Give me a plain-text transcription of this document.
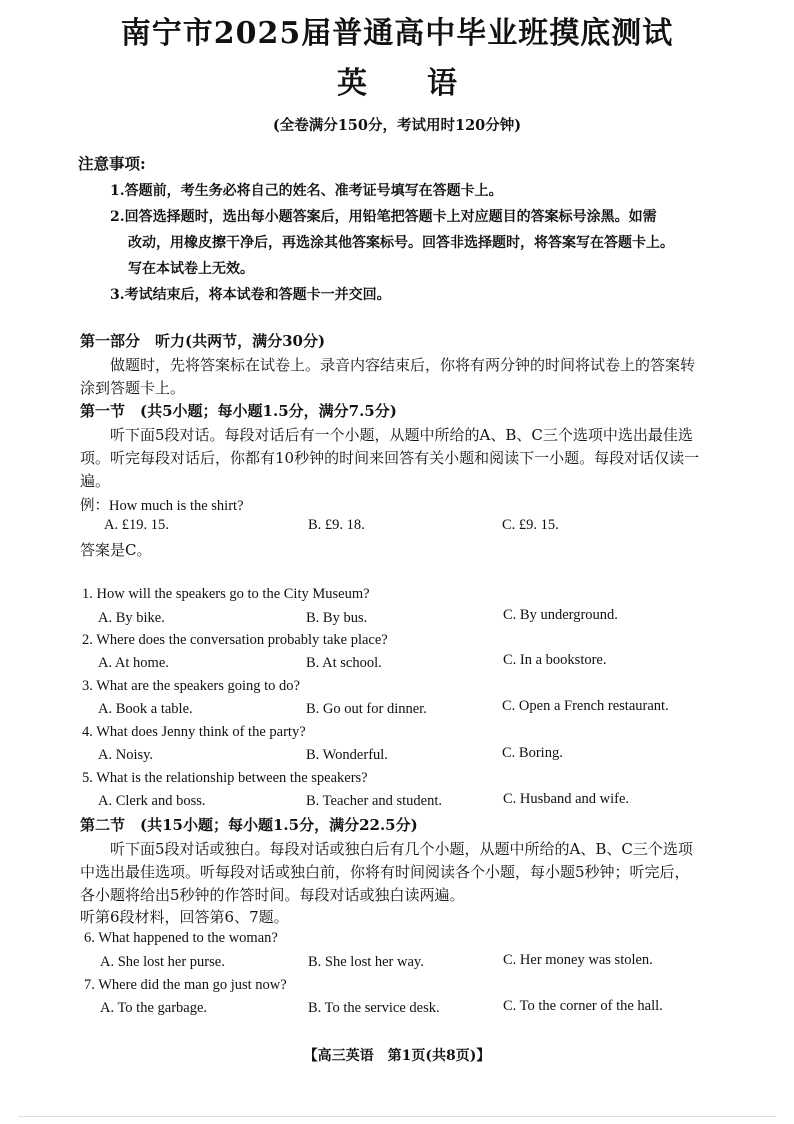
南宁市2025届普通高中毕业班摸底测试
英语
(全卷满分150分，考试用时120分钟)
注意事项:
1.答题前，考生务必将自己的姓名、准考证号填写在答题卡上。
2.回答选择题时，选出每小题答案后，用铅笔把答题卡上对应题目的答案标号涂黑。如需
改动，用橡皮擦干净后，再选涂其他答案标号。回答非选择题时，将答案写在答题卡上。
写在本试卷上无效。
3.考试结束后，将本试卷和答题卡一并交回。
第一部分　听力(共两节，满分30分)
做题时，先将答案标在试卷上。录音内容结束后，你将有两分钟的时间将试卷上的答案转涂到答题卡上。
第一节　(共5小题；每小题1.5分，满分7.5分)
听下面5段对话。每段对话后有一个小题，从题中所给的A、B、C三个选项中选出最佳选项。听完每段对话后，你都有10秒钟的时间来回答有关小题和阅读下一小题。每段对话仅读一遍。
例：How much is the shirt?
A. £19. 15.	B. £9. 18.	C. £9. 15.
答案是C。
1. How will the speakers go to the City Museum?
A. By bike.	B. By bus.	C. By underground.
2. Where does the conversation probably take place?
A. At home.	B. At school.	C. In a bookstore.
3. What are the speakers going to do?
A. Book a table.	B. Go out for dinner.	C. Open a French restaurant.
4. What does Jenny think of the party?
A. Noisy.	B. Wonderful.	C. Boring.
5. What is the relationship between the speakers?
A. Clerk and boss.	B. Teacher and student.	C. Husband and wife.
第二节　(共15小题；每小题1.5分，满分22.5分)
听下面5段对话或独白。每段对话或独白后有几个小题，从题中所给的A、B、C三个选项中选出最佳选项。听每段对话或独白前，你将有时间阅读各个小题，每小题5秒钟；听完后，各小题将给出5秒钟的作答时间。每段对话或独白读两遍。
听第6段材料，回答第6、7题。
6. What happened to the woman?
A. She lost her purse.	B. She lost her way.	C. Her money was stolen.
7. Where did the man go just now?
A. To the garbage.	B. To the service desk.	C. To the corner of the hall.
【高三英语　第1页(共8页)】
